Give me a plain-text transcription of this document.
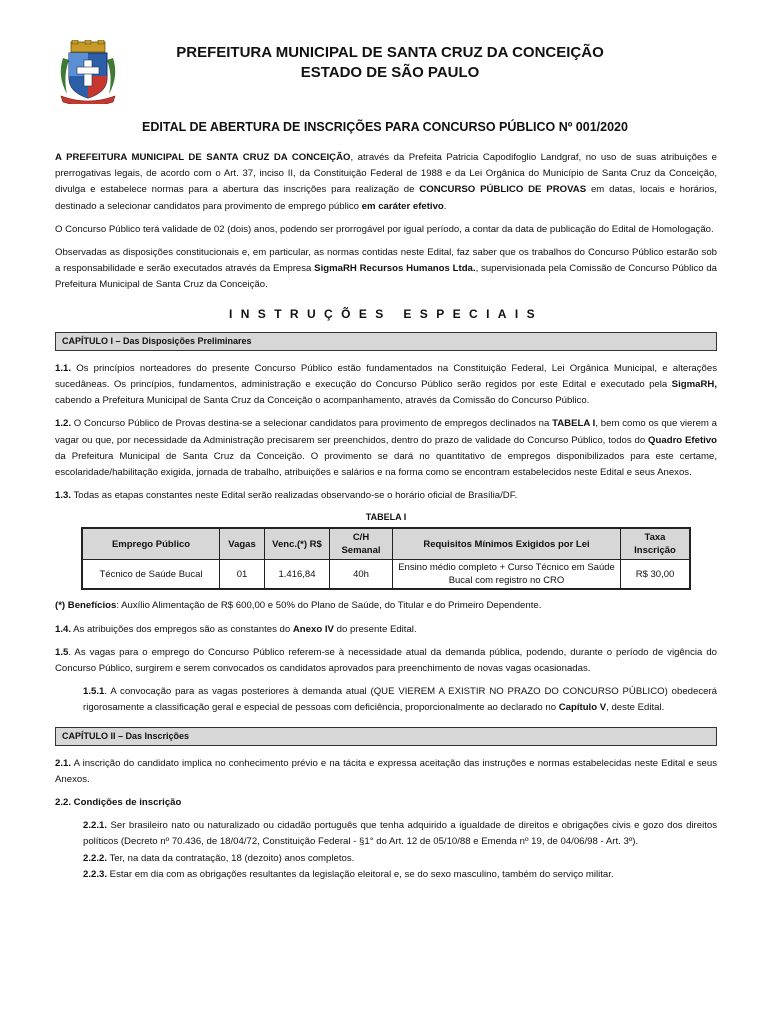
PREFEITURA MUNICIPAL DE SANTA CRUZ DA CONCEIÇÃO
ESTADO DE SÃO PAULO
EDITAL DE ABERTURA DE INSCRIÇÕES PARA CONCURSO PÚBLICO Nº 001/2020

A PREFEITURA MUNICIPAL DE SANTA CRUZ DA CONCEIÇÃO, através da Prefeita Patricia Capodifoglio Landgraf, no uso de suas atribuições e prerrogativas legais, de acordo com o Art. 37, inciso II, da Constituição Federal de 1988 e da Lei Orgânica do Município de Santa Cruz da Conceição, divulga e estabelece normas para a abertura das inscrições para realização de CONCURSO PÚBLICO DE PROVAS em datas, locais e horários, destinado a selecionar candidatos para provimento de emprego público em caráter efetivo.

O Concurso Público terá validade de 02 (dois) anos, podendo ser prorrogável por igual período, a contar da data de publicação do Edital de Homologação.

Observadas as disposições constitucionais e, em particular, as normas contidas neste Edital, faz saber que os trabalhos do Concurso Público estarão sob a responsabilidade e serão executados através da Empresa SigmaRH Recursos Humanos Ltda., supervisionada pela Comissão de Concurso Público da Prefeitura Municipal de Santa Cruz da Conceição.

INSTRUÇÕES ESPECIAIS
CAPÍTULO I – Das Disposições Preliminares

1.1. Os princípios norteadores do presente Concurso Público estão fundamentados na Constituição Federal, Lei Orgânica Municipal, e alterações sucedâneas. Os princípios, fundamentos, administração e execução do Concurso Público serão regidos por este Edital e executado pela SigmaRH, cabendo a Prefeitura Municipal de Santa Cruz da Conceição o acompanhamento, através da Comissão do Concurso Público.

1.2. O Concurso Público de Provas destina-se a selecionar candidatos para provimento de empregos declinados na TABELA I, bem como os que vierem a vagar ou que, por necessidade da Administração precisarem ser preenchidos, dentro do prazo de validade do Concurso Público, todos do Quadro Efetivo da Prefeitura Municipal de Santa Cruz da Conceição. O provimento se dará no quantitativo de empregos disponibilizados para este certame, escolaridade/habilitação exigida, jornada de trabalho, atribuições e salários e na forma como se encontram estabelecidos neste Edital e seus Anexos.

1.3. Todas as etapas constantes neste Edital serão realizadas observando-se o horário oficial de Brasília/DF.

TABELA I
Emprego Público	Vagas	Venc.(*) R$	C/H Semanal	Requisitos Mínimos Exigidos por Lei	Taxa Inscrição
Técnico de Saúde Bucal	01	1.416,84	40h	Ensino médio completo + Curso Técnico em Saúde Bucal com registro no CRO	R$ 30,00

(*) Benefícios: Auxílio Alimentação de R$ 600,00 e 50% do Plano de Saúde, do Titular e do Primeiro Dependente.

1.4. As atribuições dos empregos são as constantes do Anexo IV do presente Edital.

1.5. As vagas para o emprego do Concurso Público referem-se à necessidade atual da demanda pública, podendo, durante o período de vigência do Concurso Público, surgirem e serem convocados os candidatos aprovados para preenchimento de novas vagas ocasionadas.

1.5.1. A convocação para as vagas posteriores à demanda atual (QUE VIEREM A EXISTIR NO PRAZO DO CONCURSO PÚBLICO) obedecerá rigorosamente a classificação geral e especial de pessoas com deficiência, proporcionalmente ao declarado no Capítulo V, deste Edital.

CAPÍTULO II – Das Inscrições

2.1. A inscrição do candidato implica no conhecimento prévio e na tácita e expressa aceitação das instruções e normas estabelecidas neste Edital e seus Anexos.

2.2. Condições de inscrição

2.2.1. Ser brasileiro nato ou naturalizado ou cidadão português que tenha adquirido a igualdade de direitos e obrigações civis e gozo dos direitos políticos (Decreto nº 70.436, de 18/04/72, Constituição Federal - §1° do Art. 12 de 05/10/88 e Emenda nº 19, de 04/06/98 - Art. 3º).

2.2.2. Ter, na data da contratação, 18 (dezoito) anos completos.

2.2.3. Estar em dia com as obrigações resultantes da legislação eleitoral e, se do sexo masculino, também do serviço militar.
